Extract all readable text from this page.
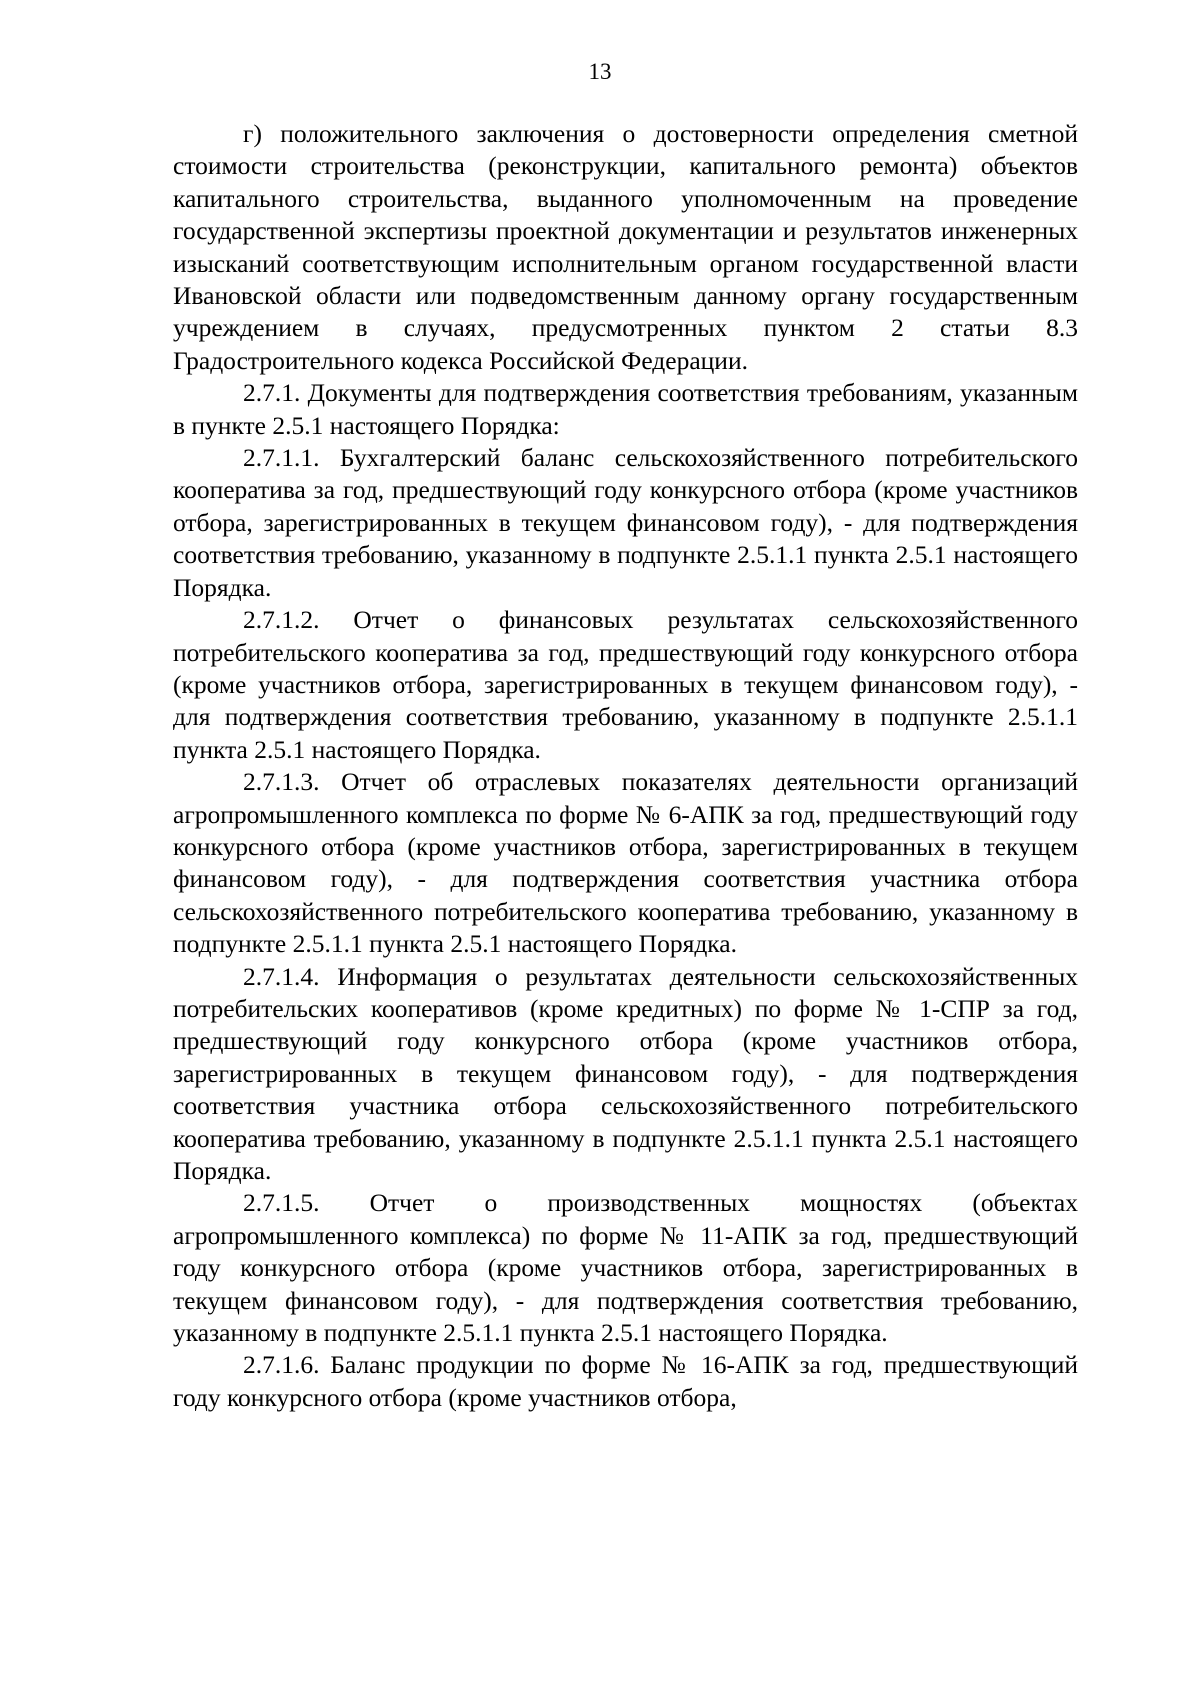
13

г) положительного заключения о достоверности определения сметной стоимости строительства (реконструкции, капитального ремонта) объектов капитального строительства, выданного уполномоченным на проведение государственной экспертизы проектной документации и результатов инженерных изысканий соответствующим исполнительным органом государственной власти Ивановской области или подведомственным данному органу государственным учреждением в случаях, предусмотренных пунктом 2 статьи 8.3 Градостроительного кодекса Российской Федерации.

2.7.1. Документы для подтверждения соответствия требованиям, указанным в пункте 2.5.1 настоящего Порядка:

2.7.1.1. Бухгалтерский баланс сельскохозяйственного потребительского кооператива за год, предшествующий году конкурсного отбора (кроме участников отбора, зарегистрированных в текущем финансовом году), - для подтверждения соответствия требованию, указанному в подпункте 2.5.1.1 пункта 2.5.1 настоящего Порядка.

2.7.1.2. Отчет о финансовых результатах сельскохозяйственного потребительского кооператива за год, предшествующий году конкурсного отбора (кроме участников отбора, зарегистрированных в текущем финансовом году), - для подтверждения соответствия требованию, указанному в подпункте 2.5.1.1 пункта 2.5.1 настоящего Порядка.

2.7.1.3. Отчет об отраслевых показателях деятельности организаций агропромышленного комплекса по форме № 6-АПК за год, предшествующий году конкурсного отбора (кроме участников отбора, зарегистрированных в текущем финансовом году), - для подтверждения соответствия участника отбора сельскохозяйственного потребительского кооператива требованию, указанному в подпункте 2.5.1.1 пункта 2.5.1 настоящего Порядка.

2.7.1.4. Информация о результатах деятельности сельскохозяйственных потребительских кооперативов (кроме кредитных) по форме № 1-СПР за год, предшествующий году конкурсного отбора (кроме участников отбора, зарегистрированных в текущем финансовом году), - для подтверждения соответствия участника отбора сельскохозяйственного потребительского кооператива требованию, указанному в подпункте 2.5.1.1 пункта 2.5.1 настоящего Порядка.

2.7.1.5. Отчет о производственных мощностях (объектах агропромышленного комплекса) по форме № 11-АПК за год, предшествующий году конкурсного отбора (кроме участников отбора, зарегистрированных в текущем финансовом году), - для подтверждения соответствия требованию, указанному в подпункте 2.5.1.1 пункта 2.5.1 настоящего Порядка.

2.7.1.6. Баланс продукции по форме № 16-АПК за год, предшествующий году конкурсного отбора (кроме участников отбора,
